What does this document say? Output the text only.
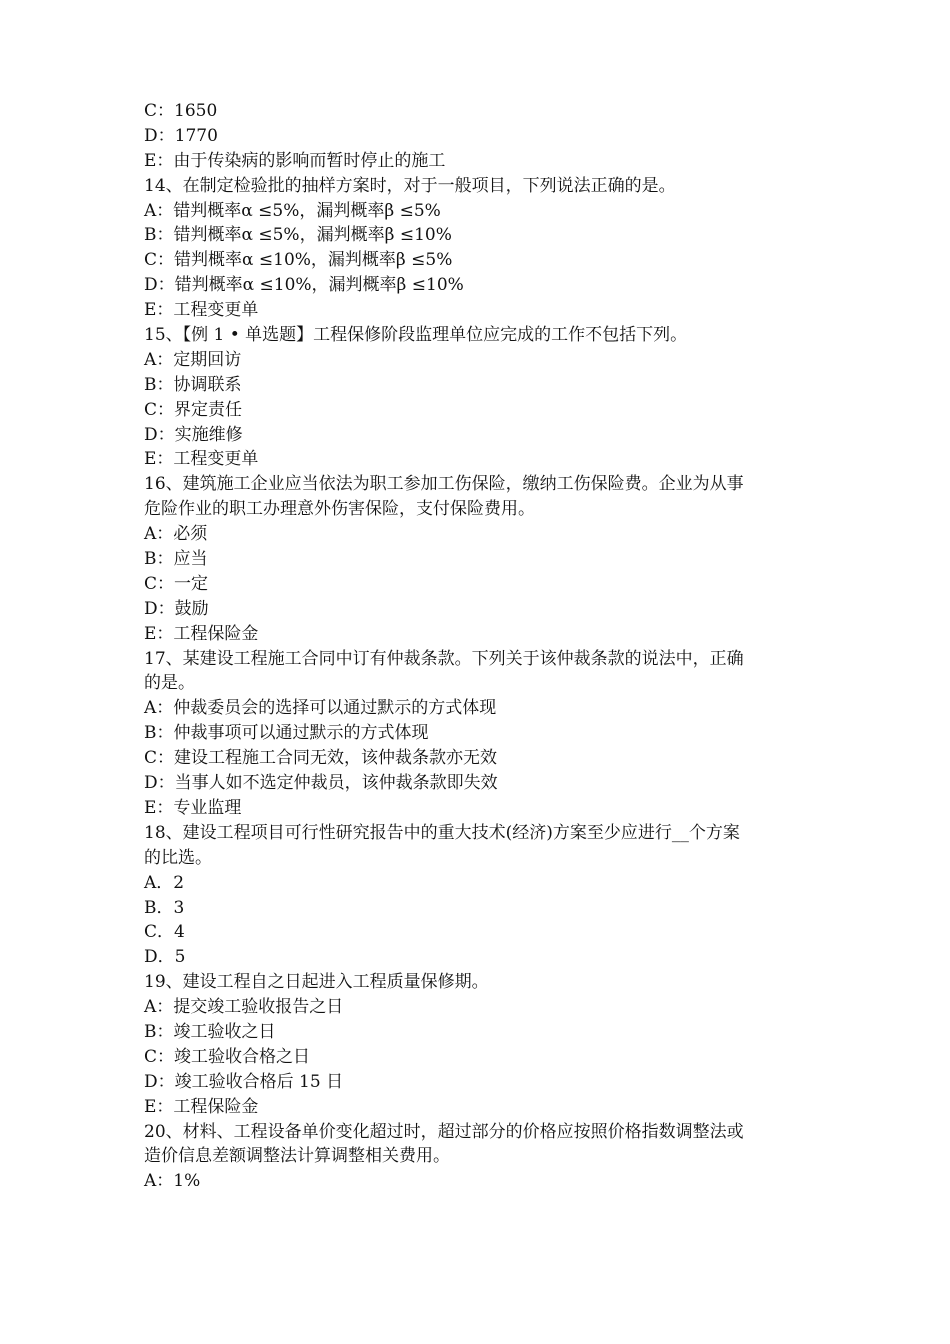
C：1650
D：1770
E：由于传染病的影响而暂时停止的施工
14、在制定检验批的抽样方案时，对于一般项目，下列说法正确的是。
A：错判概率α ≤5%，漏判概率β ≤5%
B：错判概率α ≤5%，漏判概率β ≤10%
C：错判概率α ≤10%，漏判概率β ≤5%
D：错判概率α ≤10%，漏判概率β ≤10%
E：工程变更单
15、【例 1 • 单选题】工程保修阶段监理单位应完成的工作不包括下列。
A：定期回访
B：协调联系
C：界定责任
D：实施维修
E：工程变更单
16、建筑施工企业应当依法为职工参加工伤保险，缴纳工伤保险费。企业为从事
危险作业的职工办理意外伤害保险，支付保险费用。
A：必须
B：应当
C：一定
D：鼓励
E：工程保险金
17、某建设工程施工合同中订有仲裁条款。下列关于该仲裁条款的说法中，正确
的是。
A：仲裁委员会的选择可以通过默示的方式体现
B：仲裁事项可以通过默示的方式体现
C：建设工程施工合同无效，该仲裁条款亦无效
D：当事人如不选定仲裁员，该仲裁条款即失效
E：专业监理
18、建设工程项目可行性研究报告中的重大技术(经济)方案至少应进行__个方案
的比选。
A．2
B．3
C．4
D．5
19、建设工程自之日起进入工程质量保修期。
A：提交竣工验收报告之日
B：竣工验收之日
C：竣工验收合格之日
D：竣工验收合格后 15 日
E：工程保险金
20、材料、工程设备单价变化超过时，超过部分的价格应按照价格指数调整法或
造价信息差额调整法计算调整相关费用。
A：1%
